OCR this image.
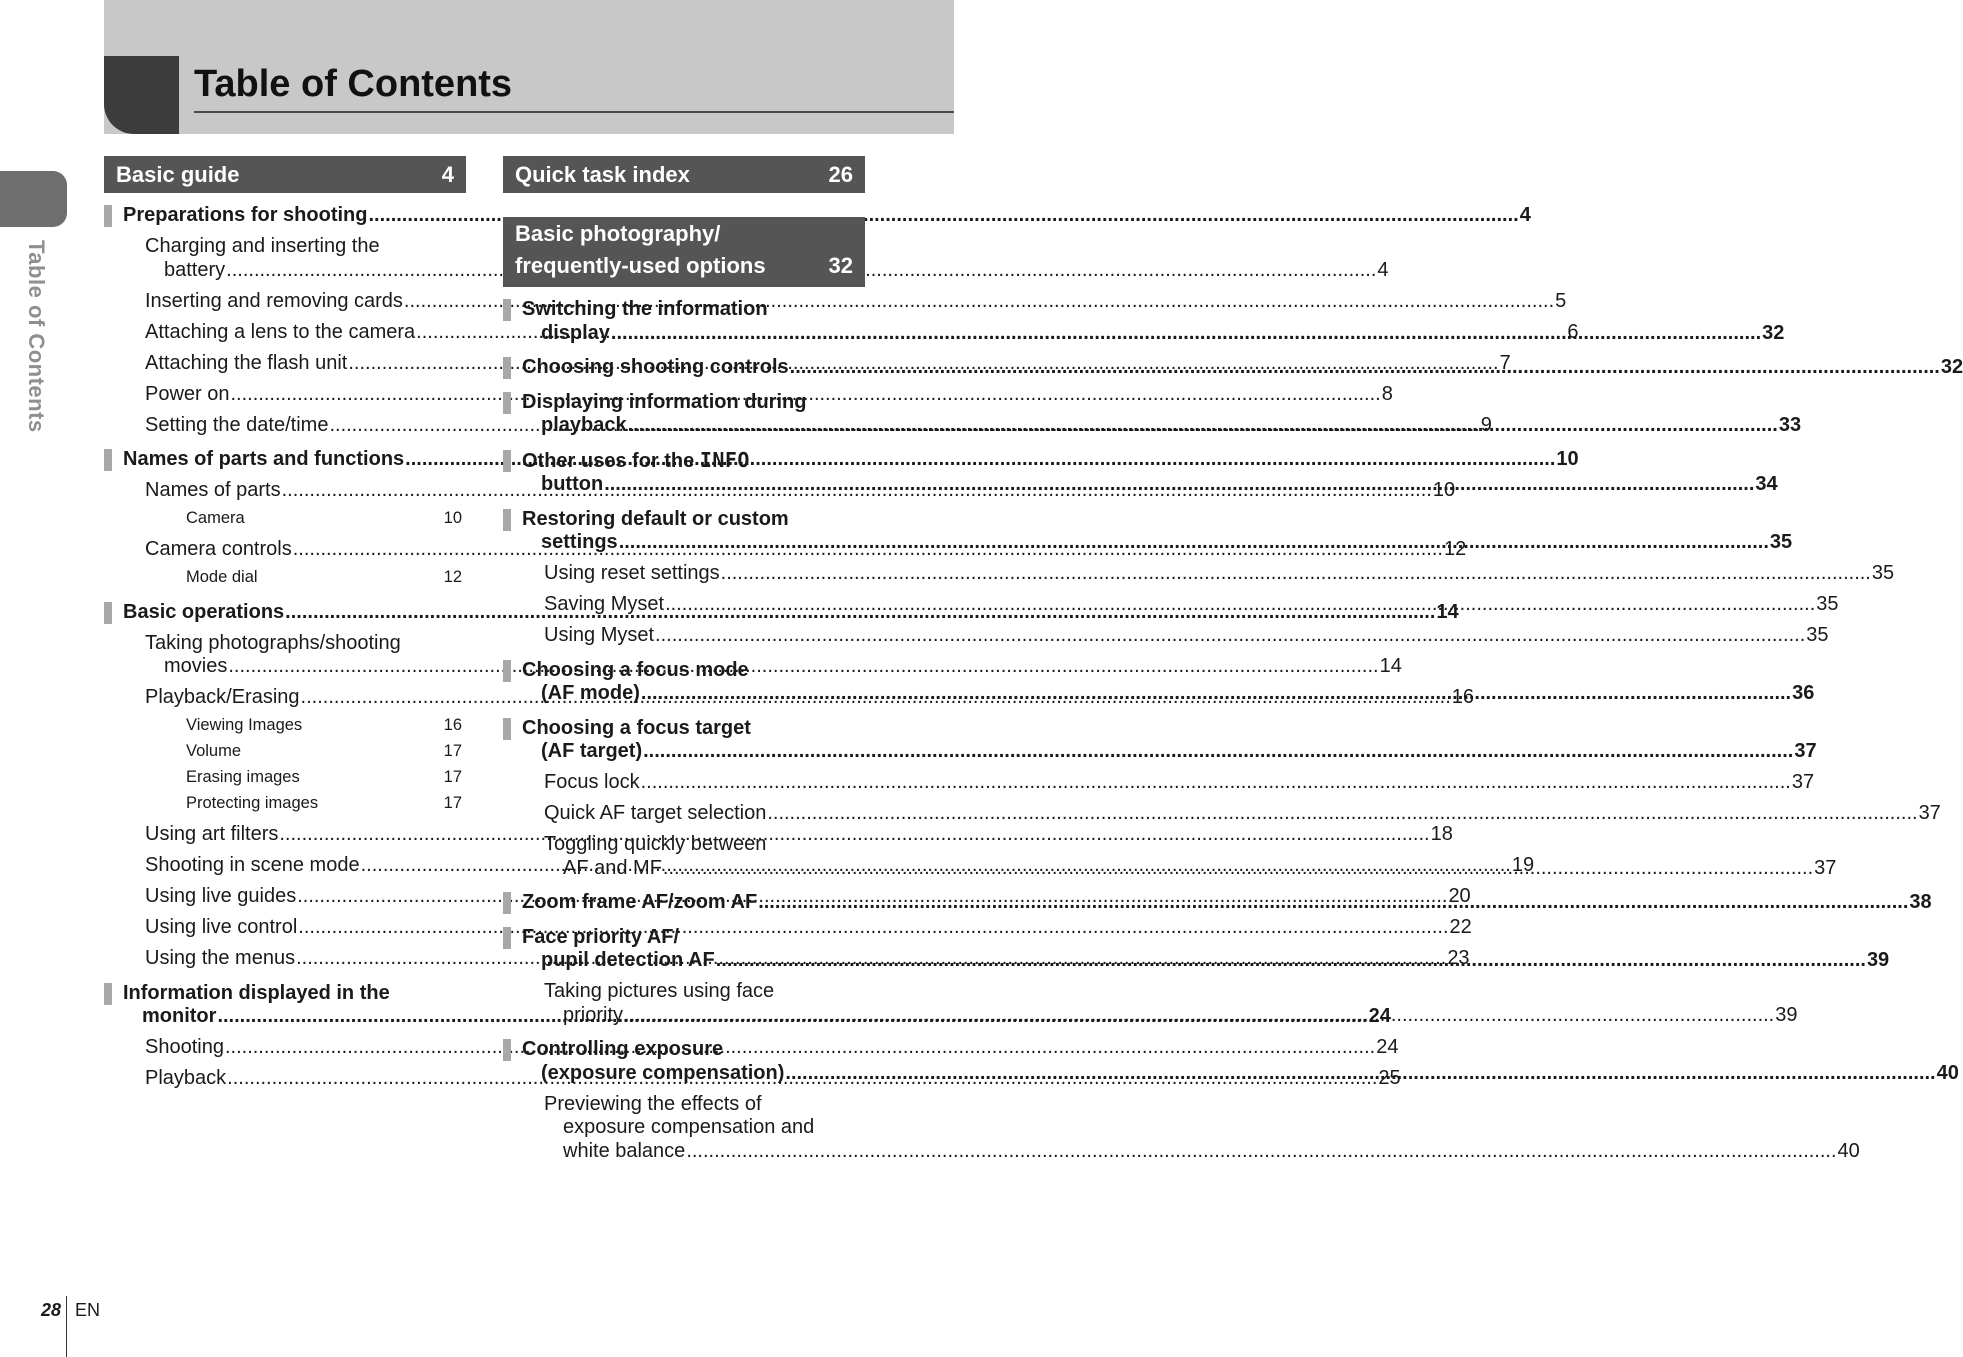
Table of Contents
Table of Contents
Basic guide	4
Preparations for shooting .....	4
Charging and inserting the
battery .....	4
Inserting and removing cards .....	5
Attaching a lens to the camera .....	6
Attaching the flash unit .....	7
Power on .....	8
Setting the date/time .....	9
Names of parts and functions .....	10
Names of parts .....	10
Camera	10
Camera controls .....	12
Mode dial	12
Basic operations .....	14
Taking photographs/shooting
movies .....	14
Playback/Erasing .....	16
Viewing Images	16
Volume	17
Erasing images	17
Protecting images	17
Using art filters .....	18
Shooting in scene mode .....	19
Using live guides .....	20
Using live control .....	22
Using the menus .....	23
Information displayed in the
monitor .....	24
Shooting .....	24
Playback .....	25
Quick task index	26
Basic photography/
frequently-used options	32
Switching the information
display .....	32
Choosing shooting controls .....	32
Displaying information during
playback .....	33
Other uses for the INFO
button .....	34
Restoring default or custom
settings .....	35
Using reset settings .....	35
Saving Myset .....	35
Using Myset .....	35
Choosing a focus mode
(AF mode) .....	36
Choosing a focus target
(AF target) .....	37
Focus lock .....	37
Quick AF target selection .....	37
Toggling quickly between
AF and MF .....	37
Zoom frame AF/zoom AF .....	38
Face priority AF/
pupil detection AF .....	39
Taking pictures using face
priority .....	39
Controlling exposure
(exposure compensation) .....	40
Previewing the effects of
exposure compensation and
white balance .....	40
28 EN
